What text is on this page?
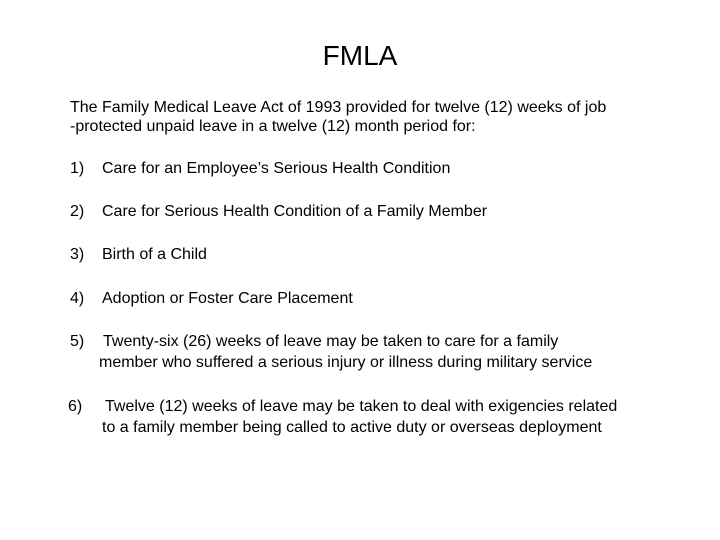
FMLA

The Family Medical Leave Act of 1993 provided for twelve (12) weeks of job
-protected unpaid leave in a twelve (12) month period for:

1) Care for an Employee’s Serious Health Condition
2) Care for Serious Health Condition of a Family Member
3) Birth of a Child
4) Adoption or Foster Care Placement
5) Twenty-six (26) weeks of leave may be taken to care for a family
member who suffered a serious injury or illness during military service
6) Twelve (12) weeks of leave may be taken to deal with exigencies related
to a family member being called to active duty or overseas deployment
